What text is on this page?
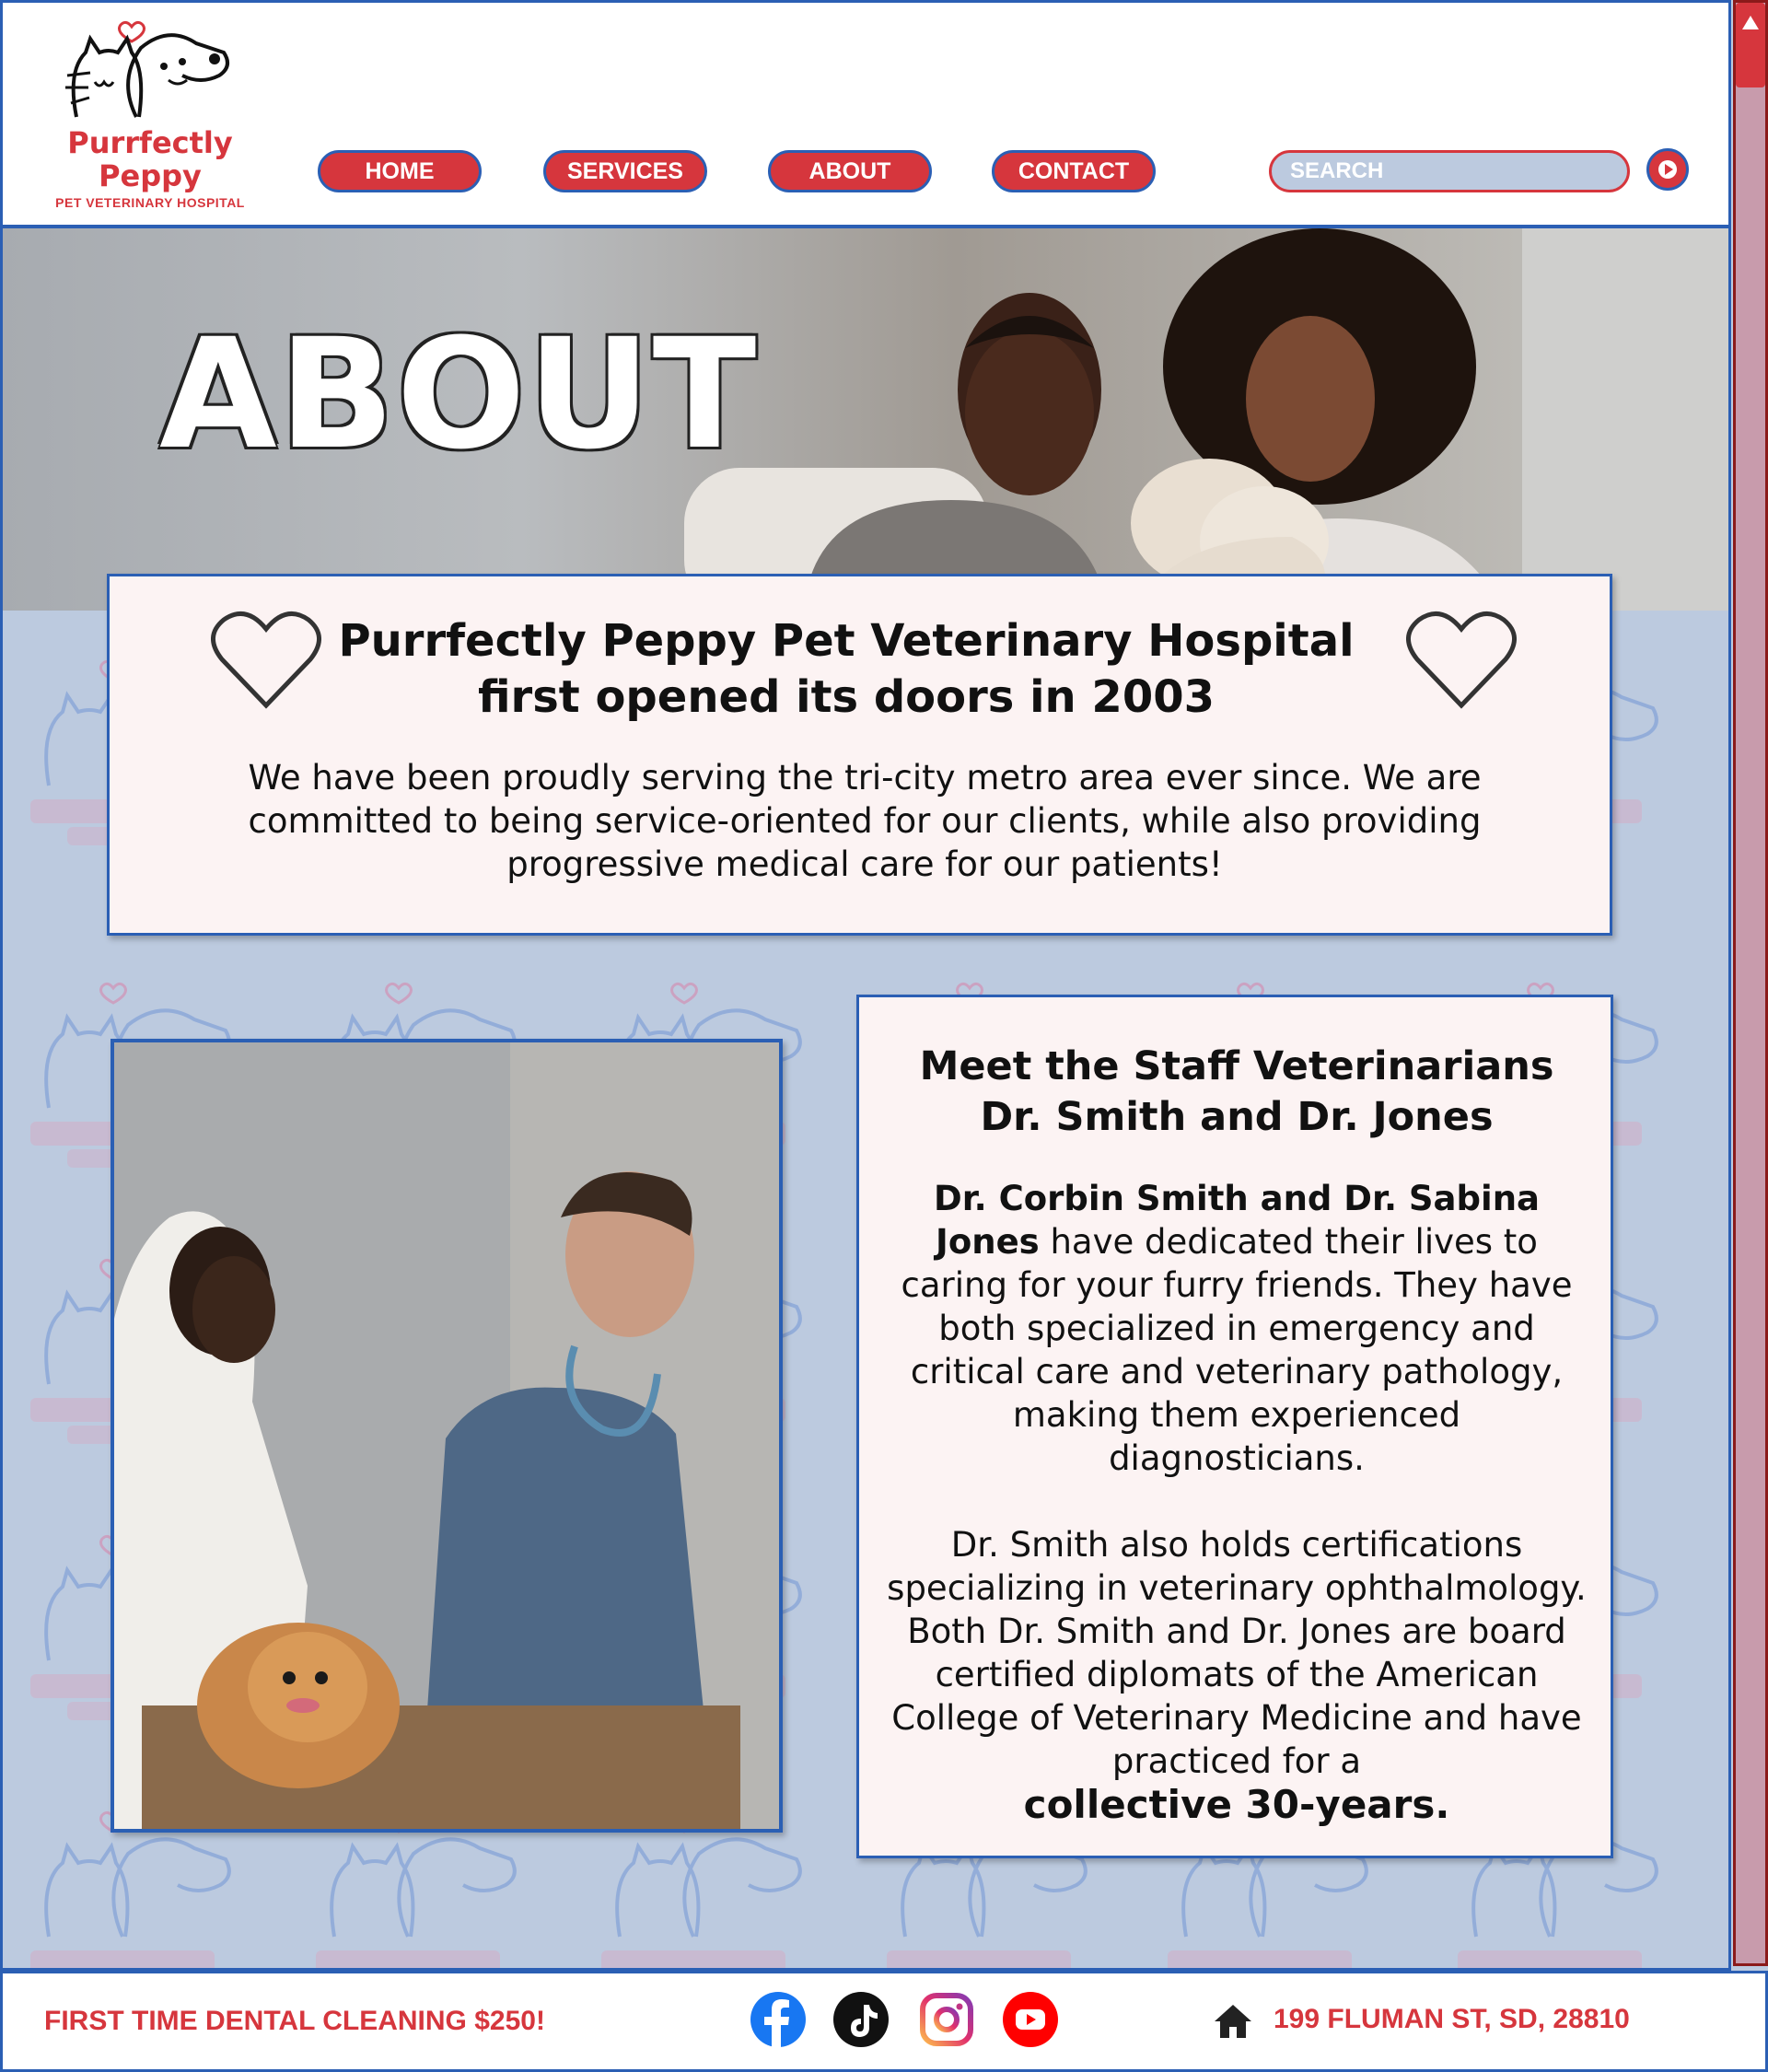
Purrfectly
Peppy
PET VETERINARY HOSPITAL
HOME	SERVICES	ABOUT	CONTACT
SEARCH
ABOUT
Purrfectly Peppy Pet Veterinary Hospital
first opened its doors in 2003
We have been proudly serving the tri-city metro area ever since. We are
committed to being service-oriented for our clients, while also providing
progressive medical care for our patients!
Meet the Staff Veterinarians
Dr. Smith and Dr. Jones
Dr. Corbin Smith and Dr. Sabina Jones have dedicated their lives to caring for your furry friends. They have both specialized in emergency and critical care and veterinary pathology, making them experienced diagnosticians.

Dr. Smith also holds certifications specializing in veterinary ophthalmology. Both Dr. Smith and Dr. Jones are board certified diplomats of the American College of Veterinary Medicine and have practiced for a
collective 30-years.
FIRST TIME DENTAL CLEANING $250!	199 FLUMAN ST, SD, 28810
